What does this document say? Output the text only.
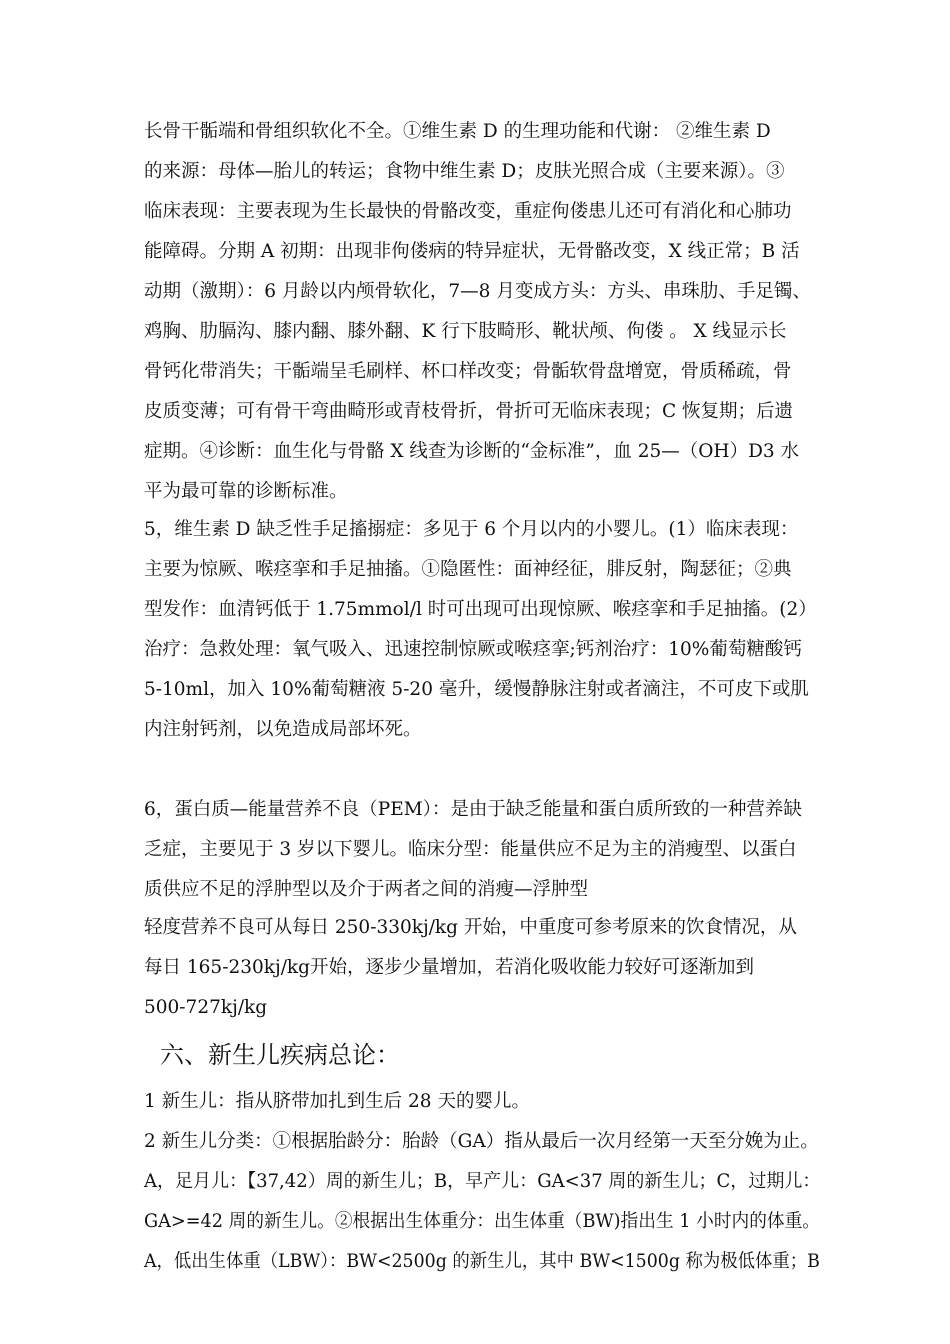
长骨干骺端和骨组织软化不全。①维生素 D 的生理功能和代谢： ②维生素 D
的来源：母体—胎儿的转运；食物中维生素 D；皮肤光照合成（主要来源）。③
临床表现：主要表现为生长最快的骨骼改变，重症佝偻患儿还可有消化和心肺功
能障碍。分期 A 初期：出现非佝偻病的特异症状，无骨骼改变，X 线正常；B 活
动期（激期）：6 月龄以内颅骨软化，7—8 月变成方头：方头、串珠肋、手足镯、
鸡胸、肋膈沟、膝内翻、膝外翻、K 行下肢畸形、靴状颅、佝偻 。 X 线显示长
骨钙化带消失；干骺端呈毛刷样、杯口样改变；骨骺软骨盘增宽，骨质稀疏，骨
皮质变薄；可有骨干弯曲畸形或青枝骨折，骨折可无临床表现；C 恢复期；后遗
症期。④诊断：血生化与骨骼 X 线查为诊断的“金标准”，血 25—（OH）D3 水
平为最可靠的诊断标准。
5，维生素 D 缺乏性手足搐搦症：多见于 6 个月以内的小婴儿。(1）临床表现：
主要为惊厥、喉痉挛和手足抽搐。①隐匿性：面神经征，腓反射，陶瑟征；②典
型发作：血清钙低于 1.75mmol/l 时可出现可出现惊厥、喉痉挛和手足抽搐。(2）
治疗：急救处理：氧气吸入、迅速控制惊厥或喉痉挛;钙剂治疗：10%葡萄糖酸钙
5-10ml，加入 10%葡萄糖液 5-20 毫升，缓慢静脉注射或者滴注，不可皮下或肌
内注射钙剂，以免造成局部坏死。
6，蛋白质—能量营养不良（PEM）：是由于缺乏能量和蛋白质所致的一种营养缺
乏症，主要见于 3 岁以下婴儿。临床分型：能量供应不足为主的消瘦型、以蛋白
质供应不足的浮肿型以及介于两者之间的消瘦—浮肿型
轻度营养不良可从每日 250-330kj/kg 开始，中重度可参考原来的饮食情况，从
每日 165-230kj/kg开始，逐步少量增加，若消化吸收能力较好可逐渐加到
500-727kj/kg
六、新生儿疾病总论：
1 新生儿：指从脐带加扎到生后 28 天的婴儿。
2 新生儿分类：①根据胎龄分：胎龄（GA）指从最后一次月经第一天至分娩为止。
A，足月儿：【37,42）周的新生儿；B，早产儿：GA<37 周的新生儿；C，过期儿：
GA>=42 周的新生儿。②根据出生体重分：出生体重（BW)指出生 1 小时内的体重。
A，低出生体重（LBW）：BW<2500g 的新生儿，其中 BW<1500g 称为极低体重；B
